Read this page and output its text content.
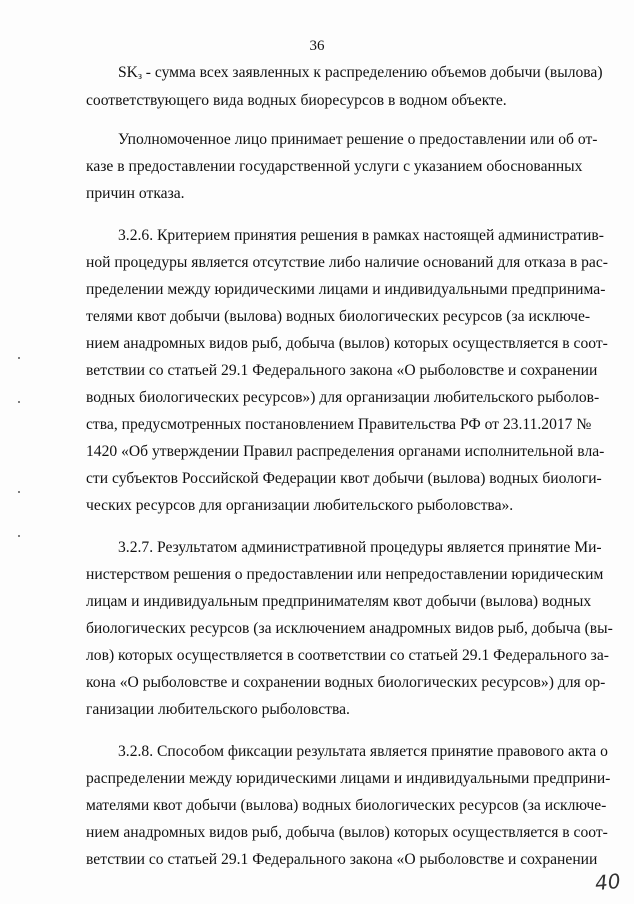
36
$SK_з$ - сумма всех заявленных к распределению объемов добычи (вылова)
соответствующего вида водных биоресурсов в водном объекте.
Уполномоченное лицо принимает решение о предоставлении или об от-
казе в предоставлении государственной услуги с указанием обоснованных
причин отказа.
3.2.6. Критерием принятия решения в рамках настоящей административ-
ной процедуры является отсутствие либо наличие оснований для отказа в рас-
пределении между юридическими лицами и индивидуальными предпринима-
телями квот добычи (вылова) водных биологических ресурсов (за исключе-
нием анадромных видов рыб, добыча (вылов) которых осуществляется в соот-
ветствии со статьей 29.1 Федерального закона «О рыболовстве и сохранении
водных биологических ресурсов») для организации любительского рыболов-
ства, предусмотренных постановлением Правительства РФ от 23.11.2017 №
1420 «Об утверждении Правил распределения органами исполнительной вла-
сти субъектов Российской Федерации квот добычи (вылова) водных биологи-
ческих ресурсов для организации любительского рыболовства».
3.2.7. Результатом административной процедуры является принятие Ми-
нистерством решения о предоставлении или непредоставлении юридическим
лицам и индивидуальным предпринимателям квот добычи (вылова) водных
биологических ресурсов (за исключением анадромных видов рыб, добыча (вы-
лов) которых осуществляется в соответствии со статьей 29.1 Федерального за-
кона «О рыболовстве и сохранении водных биологических ресурсов») для ор-
ганизации любительского рыболовства.
3.2.8. Способом фиксации результата является принятие правового акта о
распределении между юридическими лицами и индивидуальными предприни-
мателями квот добычи (вылова) водных биологических ресурсов (за исключе-
нием анадромных видов рыб, добыча (вылов) которых осуществляется в соот-
ветствии со статьей 29.1 Федерального закона «О рыболовстве и сохранении
40
